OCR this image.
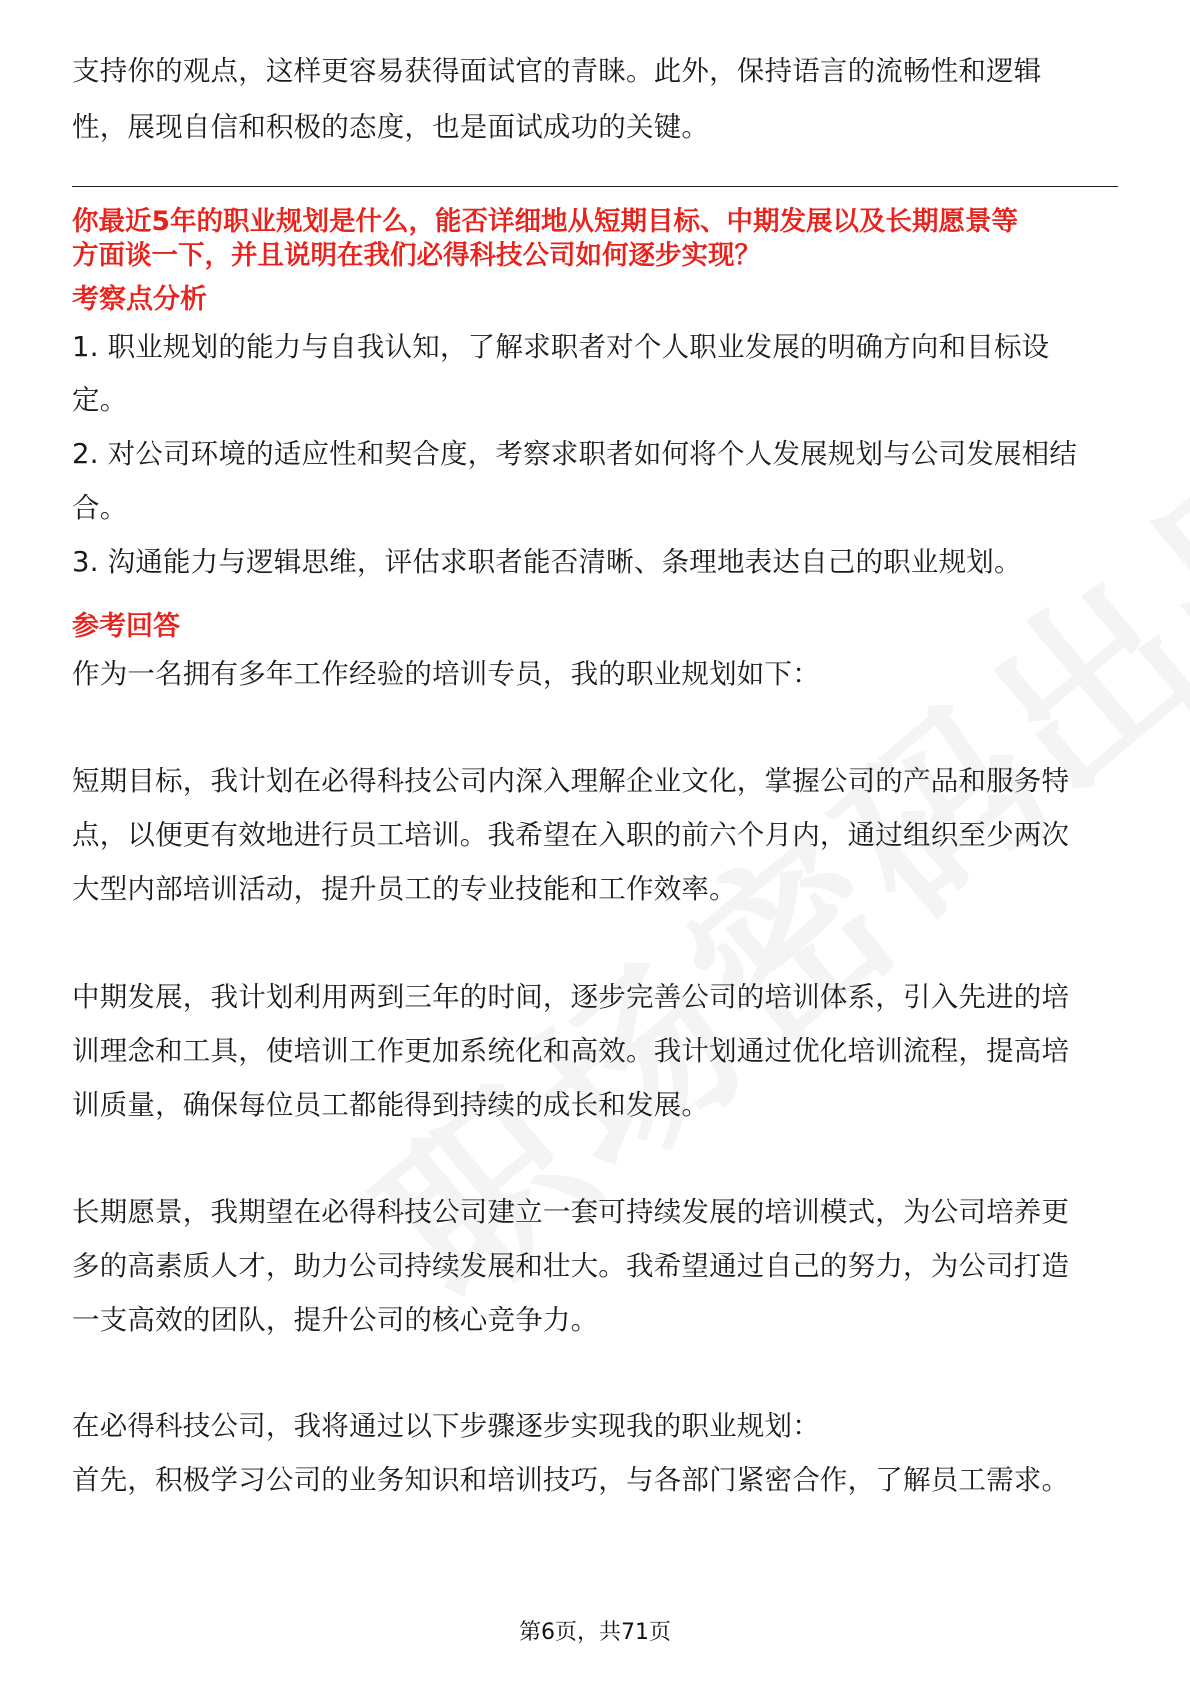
支持你的观点，这样更容易获得面试官的青睐。此外，保持语言的流畅性和逻辑

性，展现自信和积极的态度，也是面试成功的关键。

你最近5年的职业规划是什么，能否详细地从短期目标、中期发展以及长期愿景等
方面谈一下，并且说明在我们必得科技公司如何逐步实现？
考察点分析

1. 职业规划的能力与自我认知，了解求职者对个人职业发展的明确方向和目标设

定。

2. 对公司环境的适应性和契合度，考察求职者如何将个人发展规划与公司发展相结

合。

3. 沟通能力与逻辑思维，评估求职者能否清晰、条理地表达自己的职业规划。

参考回答

作为一名拥有多年工作经验的培训专员，我的职业规划如下：

短期目标，我计划在必得科技公司内深入理解企业文化，掌握公司的产品和服务特

点，以便更有效地进行员工培训。我希望在入职的前六个月内，通过组织至少两次

大型内部培训活动，提升员工的专业技能和工作效率。

中期发展，我计划利用两到三年的时间，逐步完善公司的培训体系，引入先进的培

训理念和工具，使培训工作更加系统化和高效。我计划通过优化培训流程，提高培

训质量，确保每位员工都能得到持续的成长和发展。

长期愿景，我期望在必得科技公司建立一套可持续发展的培训模式，为公司培养更

多的高素质人才，助力公司持续发展和壮大。我希望通过自己的努力，为公司打造

一支高效的团队，提升公司的核心竞争力。

在必得科技公司，我将通过以下步骤逐步实现我的职业规划：

首先，积极学习公司的业务知识和培训技巧，与各部门紧密合作，了解员工需求。

第6页，共71页
